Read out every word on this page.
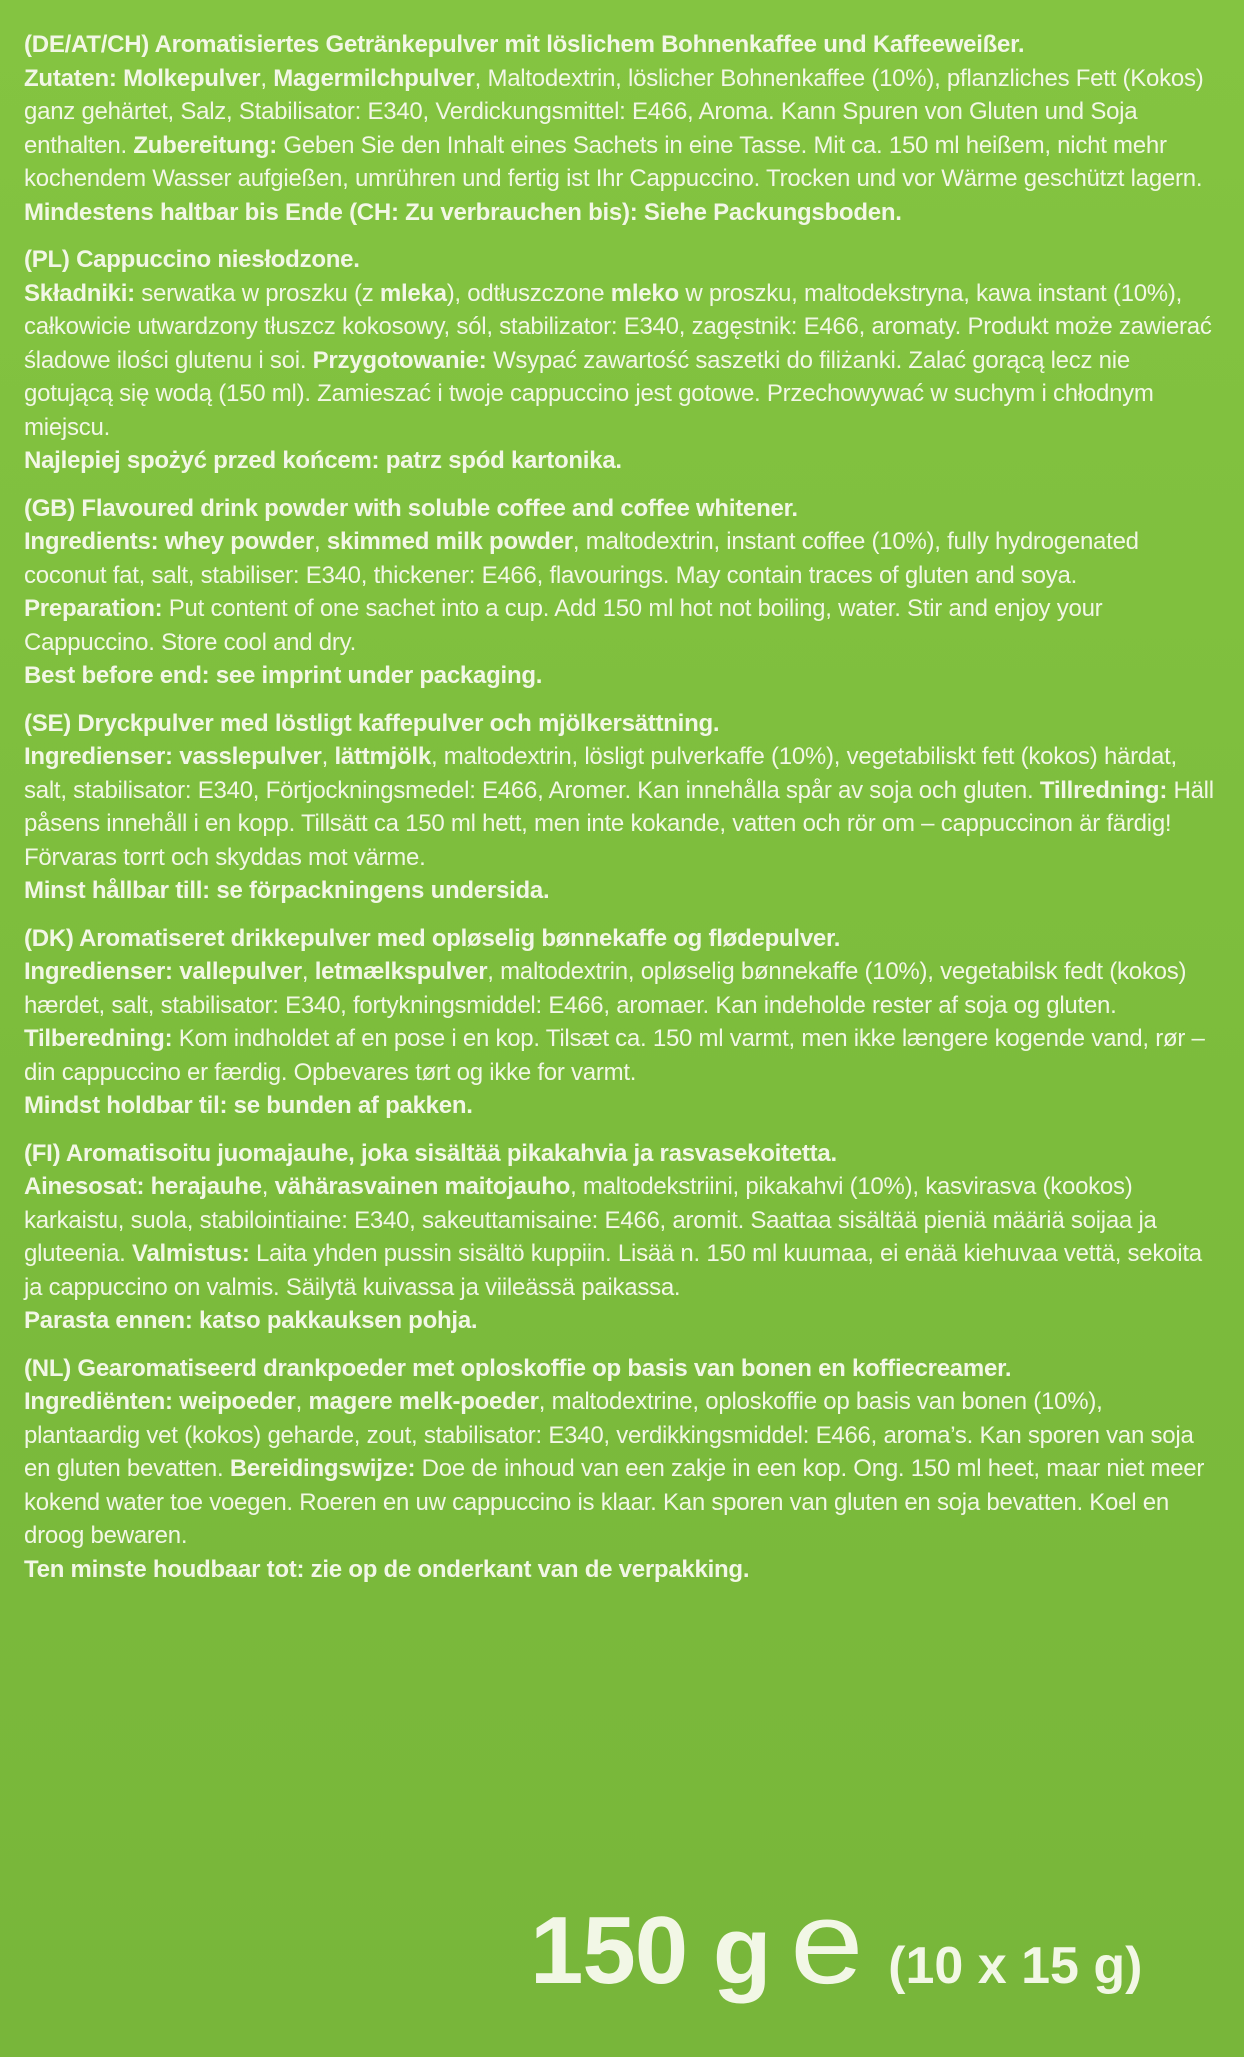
(DE/AT/CH) Aromatisiertes Getränkepulver mit löslichem Bohnenkaffee und Kaffeeweißer.
Zutaten: Molkepulver, Magermilchpulver, Maltodextrin, löslicher Bohnenkaffee (10%), pflanzliches Fett (Kokos) ganz gehärtet, Salz, Stabilisator: E340, Verdickungsmittel: E466, Aroma. Kann Spuren von Gluten und Soja enthalten. Zubereitung: Geben Sie den Inhalt eines Sachets in eine Tasse. Mit ca. 150 ml heißem, nicht mehr kochendem Wasser aufgießen, umrühren und fertig ist Ihr Cappuccino. Trocken und vor Wärme geschützt lagern.
Mindestens haltbar bis Ende (CH: Zu verbrauchen bis): Siehe Packungsboden.
(PL) Cappuccino niesłodzone.
Składniki: serwatka w proszku (z mleka), odtłuszczone mleko w proszku, maltodekstryna, kawa instant (10%), całkowicie utwardzony tłuszcz kokosowy, sól, stabilizator: E340, zagęstnik: E466, aromaty. Produkt może zawierać śladowe ilości glutenu i soi. Przygotowanie: Wsypać zawartość saszetki do filiżanki. Zalać gorącą lecz nie gotującą się wodą (150 ml). Zamieszać i twoje cappuccino jest gotowe. Przechowywać w suchym i chłodnym miejscu.
Najlepiej spożyć przed końcem: patrz spód kartonika.
(GB) Flavoured drink powder with soluble coffee and coffee whitener.
Ingredients: whey powder, skimmed milk powder, maltodextrin, instant coffee (10%), fully hydrogenated coconut fat, salt, stabiliser: E340, thickener: E466, flavourings. May contain traces of gluten and soya. Preparation: Put content of one sachet into a cup. Add 150 ml hot not boiling, water. Stir and enjoy your Cappuccino. Store cool and dry.
Best before end: see imprint under packaging.
(SE) Dryckpulver med löstligt kaffepulver och mjölkersättning.
Ingredienser: vasslepulver, lättmjölk, maltodextrin, lösligt pulverkaffe (10%), vegetabiliskt fett (kokos) härdat, salt, stabilisator: E340, Förtjockningsmedel: E466, Aromer. Kan innehålla spår av soja och gluten. Tillredning: Häll påsens innehåll i en kopp. Tillsätt ca 150 ml hett, men inte kokande, vatten och rör om – cappuccinon är färdig! Förvaras torrt och skyddas mot värme.
Minst hållbar till: se förpackningens undersida.
(DK) Aromatiseret drikkepulver med opløselig bønnekaffe og flødepulver.
Ingredienser: vallepulver, letmælkspulver, maltodextrin, opløselig bønnekaffe (10%), vegetabilsk fedt (kokos) hærdet, salt, stabilisator: E340, fortykningsmiddel: E466, aromaer. Kan indeholde rester af soja og gluten. Tilberedning: Kom indholdet af en pose i en kop. Tilsæt ca. 150 ml varmt, men ikke længere kogende vand, rør – din cappuccino er færdig. Opbevares tørt og ikke for varmt.
Mindst holdbar til: se bunden af pakken.
(FI) Aromatisoitu juomajauhe, joka sisältää pikakahvia ja rasvasekoitetta.
Ainesosat: herajauhe, vähärasvainen maitojauho, maltodekstriini, pikakahvi (10%), kasvirasva (kookos) karkaistu, suola, stabilointiaine: E340, sakeuttamisaine: E466, aromit. Saattaa sisältää pieniä määriä soijaa ja gluteenia. Valmistus: Laita yhden pussin sisältö kuppiin. Lisää n. 150 ml kuumaa, ei enää kiehuvaa vettä, sekoita ja cappuccino on valmis. Säilytä kuivassa ja viileässä paikassa.
Parasta ennen: katso pakkauksen pohja.
(NL) Gearomatiseerd drankpoeder met oploskoffie op basis van bonen en koffiecreamer.
Ingrediënten: weipoeder, magere melk-poeder, maltodextrine, oploskoffie op basis van bonen (10%), plantaardig vet (kokos) geharde, zout, stabilisator: E340, verdikkingsmiddel: E466, aroma’s. Kan sporen van soja en gluten bevatten. Bereidingswijze: Doe de inhoud van een zakje in een kop. Ong. 150 ml heet, maar niet meer kokend water toe voegen. Roeren en uw cappuccino is klaar. Kan sporen van gluten en soja bevatten. Koel en droog bewaren.
Ten minste houdbaar tot: zie op de onderkant van de verpakking.
150 g e (10 x 15 g)
